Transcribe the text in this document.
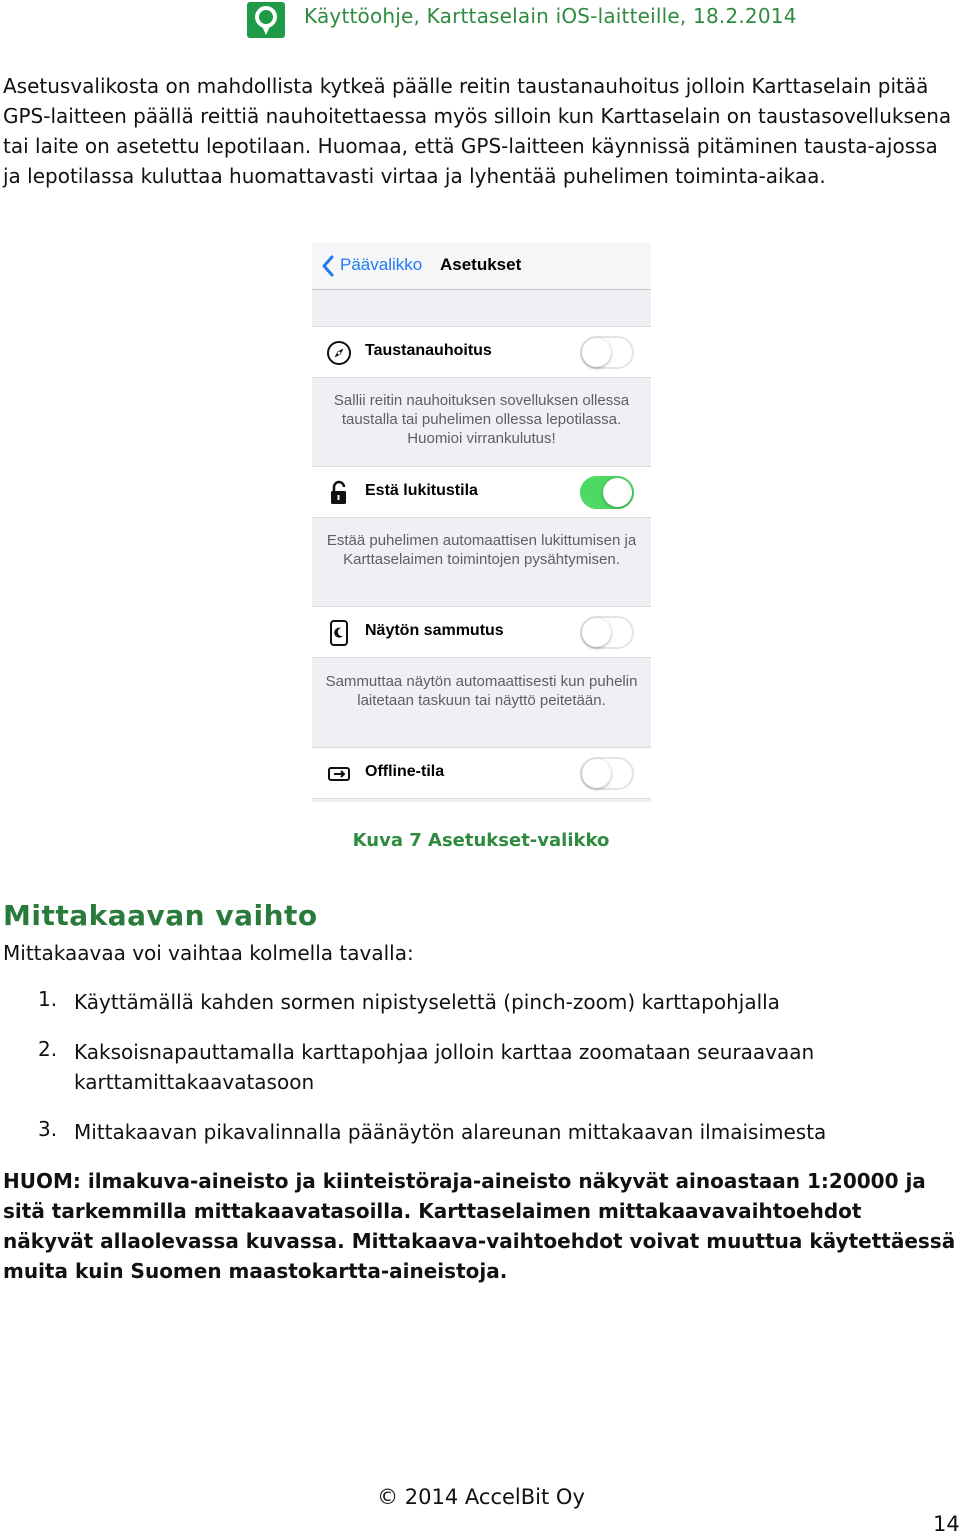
Käyttöohje, Karttaselain iOS-laitteille, 18.2.2014
Asetusvalikosta on mahdollista kytkeä päälle reitin taustanauhoitus jolloin Karttaselain pitää GPS-laitteen päällä reittiä nauhoitettaessa myös silloin kun Karttaselain on taustasovelluksena tai laite on asetettu lepotilaan. Huomaa, että GPS-laitteen käynnissä pitäminen tausta-ajossa ja lepotilassa kuluttaa huomattavasti virtaa ja lyhentää puhelimen toiminta-aikaa.
Päävalikko Asetukset
Taustanauhoitus
Sallii reitin nauhoituksen sovelluksen ollessa taustalla tai puhelimen ollessa lepotilassa. Huomioi virrankulutus!
Estä lukitustila
Estää puhelimen automaattisen lukittumisen ja Karttaselaimen toimintojen pysähtymisen.
Näytön sammutus
Sammuttaa näytön automaattisesti kun puhelin laitetaan taskuun tai näyttö peitetään.
Offline-tila
Kuva 7 Asetukset-valikko
Mittakaavan vaihto
Mittakaavaa voi vaihtaa kolmella tavalla:
1. Käyttämällä kahden sormen nipistyselettä (pinch-zoom) karttapohjalla
2. Kaksoisnapauttamalla karttapohjaa jolloin karttaa zoomataan seuraavaan karttamittakaavatasoon
3. Mittakaavan pikavalinnalla päänäytön alareunan mittakaavan ilmaisimesta
HUOM: ilmakuva-aineisto ja kiinteistöraja-aineisto näkyvät ainoastaan 1:20000 ja sitä tarkemmilla mittakaavatasoilla. Karttaselaimen mittakaavavaihtoehdot näkyvät allaolevassa kuvassa. Mittakaava-vaihtoehdot voivat muuttua käytettäessä muita kuin Suomen maastokartta-aineistoja.
© 2014 AccelBit Oy
14
